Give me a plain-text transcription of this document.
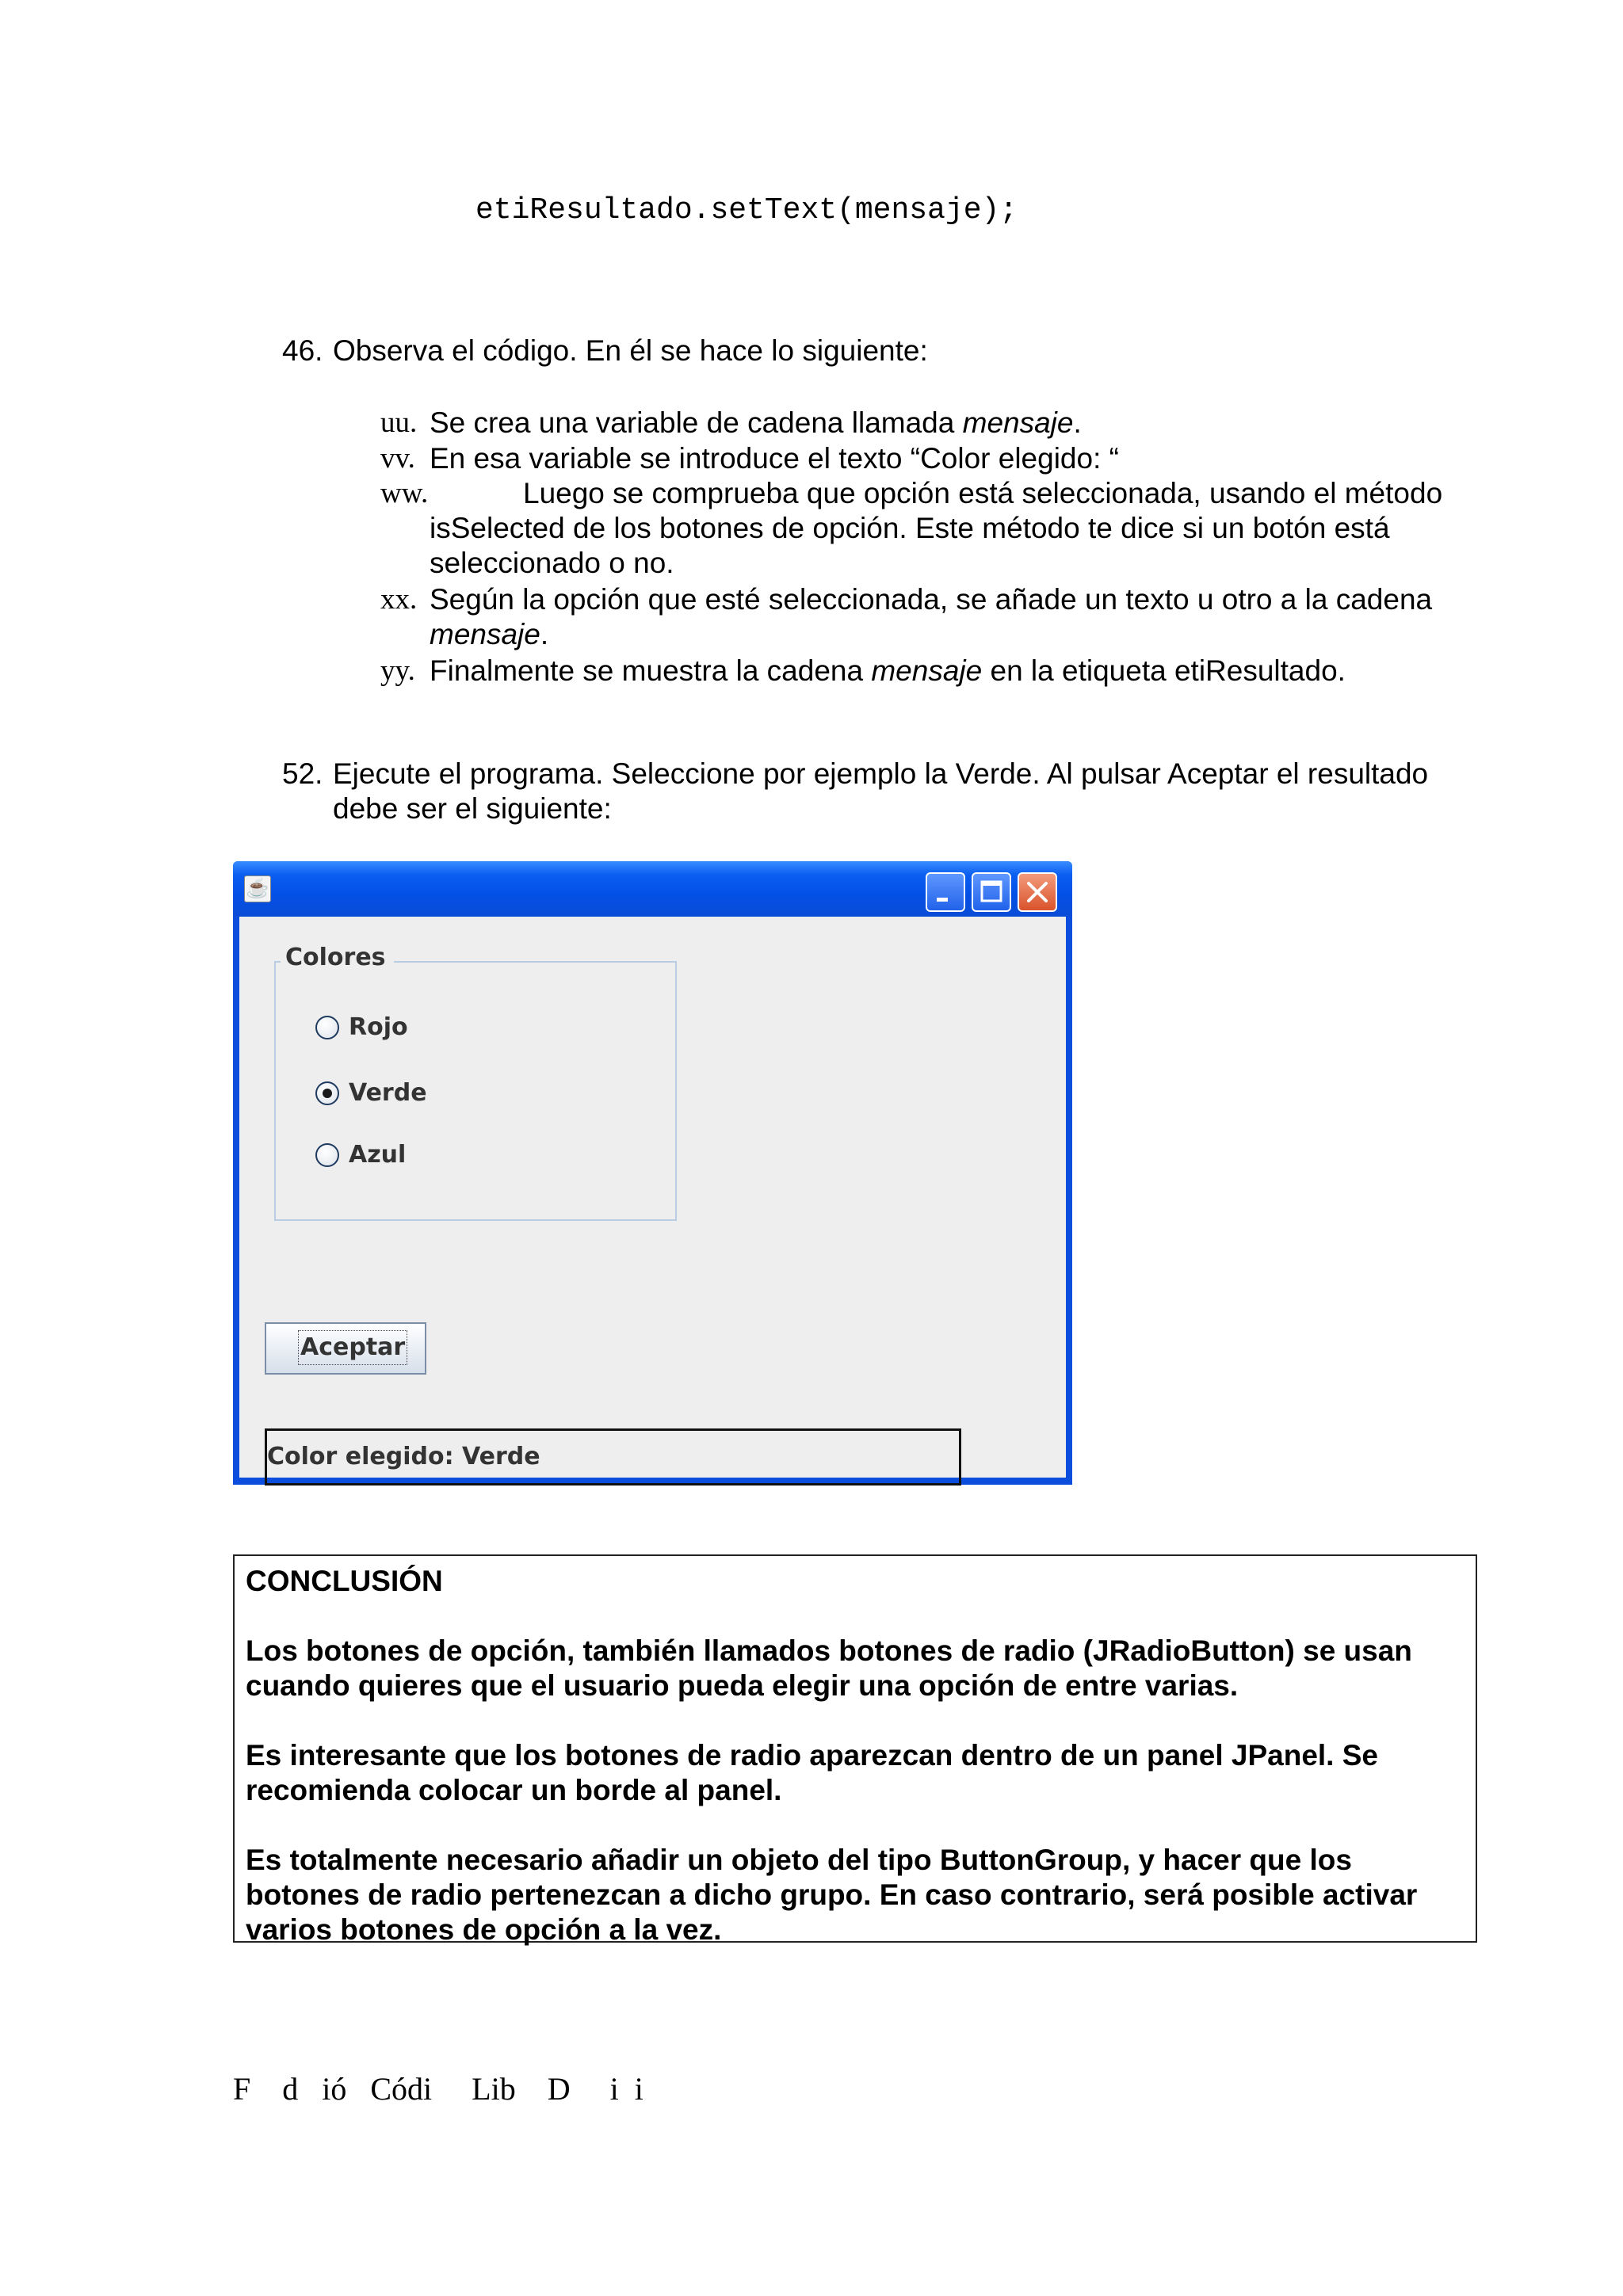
etiResultado.setText(mensaje);
46. Observa el código. En él se hace lo siguiente:
uu. Se crea una variable de cadena llamada mensaje.
vv. En esa variable se introduce el texto “Color elegido: “
ww.	Luego se comprueba que opción está seleccionada, usando el método
isSelected de los botones de opción. Este método te dice si un botón está
seleccionado o no.
xx. Según la opción que esté seleccionada, se añade un texto u otro a la cadena
mensaje.
yy. Finalmente se muestra la cadena mensaje en la etiqueta etiResultado.
52. Ejecute el programa. Seleccione por ejemplo la Verde. Al pulsar Aceptar el resultado
debe ser el siguiente:
☕
Colores
Rojo
Verde
Azul
Aceptar
Color elegido: Verde

CONCLUSIÓN

Los botones de opción, también llamados botones de radio (JRadioButton) se usan
cuando quieres que el usuario pueda elegir una opción de entre varias.

Es interesante que los botones de radio aparezcan dentro de un panel JPanel. Se
recomienda colocar un borde al panel.

Es totalmente necesario añadir un objeto del tipo ButtonGroup, y hacer que los
botones de radio pertenezcan a dicho grupo. En caso contrario, será posible activar
varios botones de opción a la vez.

F    d   ió   Códi     Lib    D     i  i
